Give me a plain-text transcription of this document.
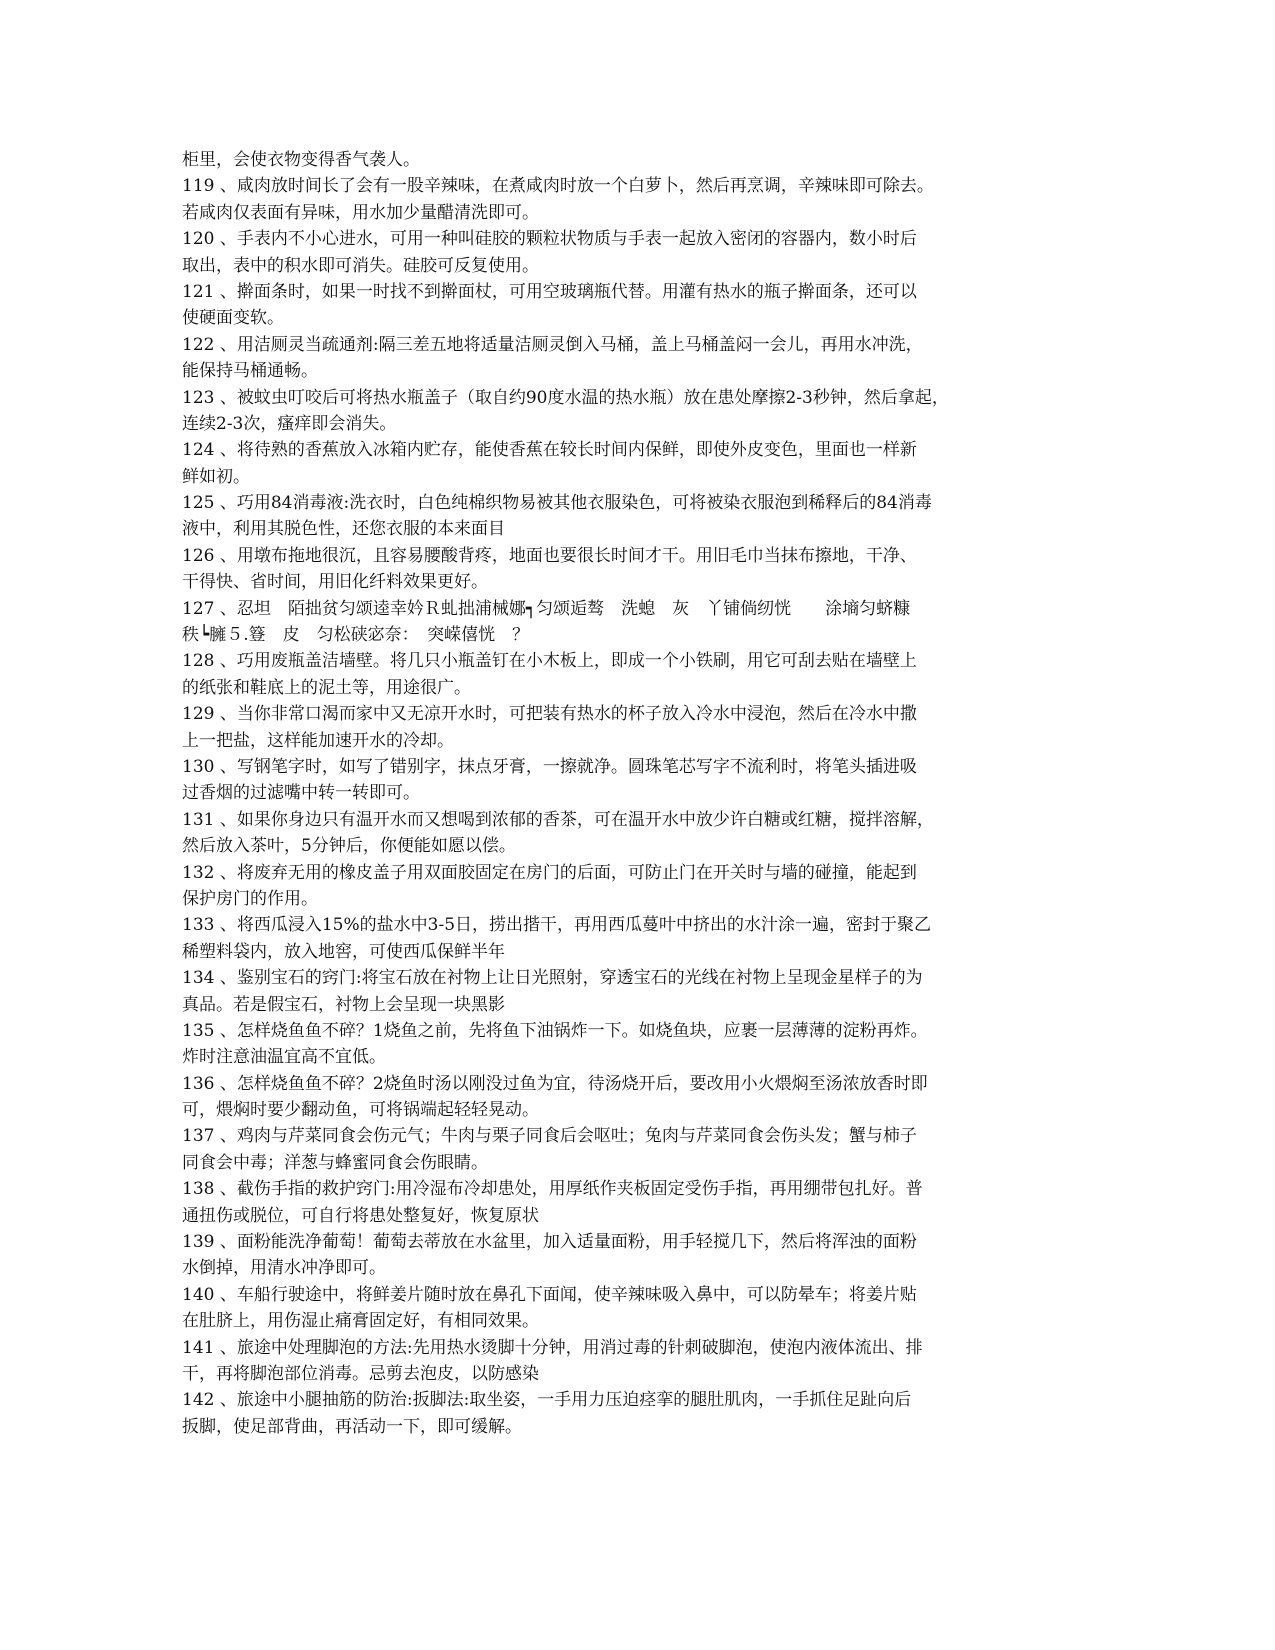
柜里，会使衣物变得香气袭人。
119 、咸肉放时间长了会有一股辛辣味，在煮咸肉时放一个白萝卜，然后再烹调，辛辣味即可除去。
若咸肉仅表面有异味，用水加少量醋清洗即可。
120 、手表内不小心进水，可用一种叫硅胶的颗粒状物质与手表一起放入密闭的容器内，数小时后
取出，表中的积水即可消失。硅胶可反复使用。
121 、擀面条时，如果一时找不到擀面杖，可用空玻璃瓶代替。用灌有热水的瓶子擀面条，还可以
使硬面变软。
122 、用洁厕灵当疏通剂:隔三差五地将适量洁厕灵倒入马桶，盖上马桶盖闷一会儿，再用水冲洗，
能保持马桶通畅。
123 、被蚊虫叮咬后可将热水瓶盖子（取自约90度水温的热水瓶）放在患处摩擦2-3秒钟，然后拿起，
连续2-3次，瘙痒即会消失。
124 、将待熟的香蕉放入冰箱内贮存，能使香蕉在较长时间内保鲜，即使外皮变色，里面也一样新
鲜如初。
125 、巧用84消毒液:洗衣时，白色纯棉织物易被其他衣服染色，可将被染衣服泡到稀释后的84消毒
液中，利用其脱色性，还您衣服的本来面目
126 、用墩布拖地很沉，且容易腰酸背疼，地面也要很长时间才干。用旧毛巾当抹布擦地，干净、
干得快、省时间，用旧化纤料效果更好。
127 、忍坦　陌拙贫匀颂逵幸妗Ｒ虬拙浦械娜┑匀颂逅骜　洗螅　灰　丫铺倘纫恍　　涂墒匀蛴糠
秩┕臃５.簦　皮　匀松硖宓奈：　突嵘僖恍　？
128 、巧用废瓶盖洁墙壁。将几只小瓶盖钉在小木板上，即成一个小铁刷，用它可刮去贴在墙壁上
的纸张和鞋底上的泥土等，用途很广。
129 、当你非常口渴而家中又无凉开水时，可把装有热水的杯子放入冷水中浸泡，然后在冷水中撒
上一把盐，这样能加速开水的冷却。
130 、写钢笔字时，如写了错别字，抹点牙膏，一擦就净。圆珠笔芯写字不流利时，将笔头插进吸
过香烟的过滤嘴中转一转即可。
131 、如果你身边只有温开水而又想喝到浓郁的香茶，可在温开水中放少许白糖或红糖，搅拌溶解，
然后放入茶叶，5分钟后，你便能如愿以偿。
132 、将废弃无用的橡皮盖子用双面胶固定在房门的后面，可防止门在开关时与墙的碰撞，能起到
保护房门的作用。
133 、将西瓜浸入15%的盐水中3-5日，捞出揩干，再用西瓜蔓叶中挤出的水汁涂一遍，密封于聚乙
稀塑料袋内，放入地窖，可使西瓜保鲜半年
134 、鉴别宝石的窍门:将宝石放在衬物上让日光照射，穿透宝石的光线在衬物上呈现金星样子的为
真品。若是假宝石，衬物上会呈现一块黑影
135 、怎样烧鱼鱼不碎？1烧鱼之前，先将鱼下油锅炸一下。如烧鱼块，应裹一层薄薄的淀粉再炸。
炸时注意油温宜高不宜低。
136 、怎样烧鱼鱼不碎？2烧鱼时汤以刚没过鱼为宜，待汤烧开后，要改用小火煨焖至汤浓放香时即
可，煨焖时要少翻动鱼，可将锅端起轻轻晃动。
137 、鸡肉与芹菜同食会伤元气；牛肉与栗子同食后会呕吐；兔肉与芹菜同食会伤头发；蟹与柿子
同食会中毒；洋葱与蜂蜜同食会伤眼睛。
138 、截伤手指的救护窍门:用冷湿布冷却患处，用厚纸作夹板固定受伤手指，再用绷带包扎好。普
通扭伤或脱位，可自行将患处整复好，恢复原状
139 、面粉能洗净葡萄！葡萄去蒂放在水盆里，加入适量面粉，用手轻搅几下，然后将浑浊的面粉
水倒掉，用清水冲净即可。
140 、车船行驶途中，将鲜姜片随时放在鼻孔下面闻，使辛辣味吸入鼻中，可以防晕车；将姜片贴
在肚脐上，用伤湿止痛膏固定好，有相同效果。
141 、旅途中处理脚泡的方法:先用热水烫脚十分钟，用消过毒的针刺破脚泡，使泡内液体流出、排
干，再将脚泡部位消毒。忌剪去泡皮，以防感染
142 、旅途中小腿抽筋的防治:扳脚法:取坐姿，一手用力压迫痉挛的腿肚肌肉，一手抓住足趾向后
扳脚，使足部背曲，再活动一下，即可缓解。
